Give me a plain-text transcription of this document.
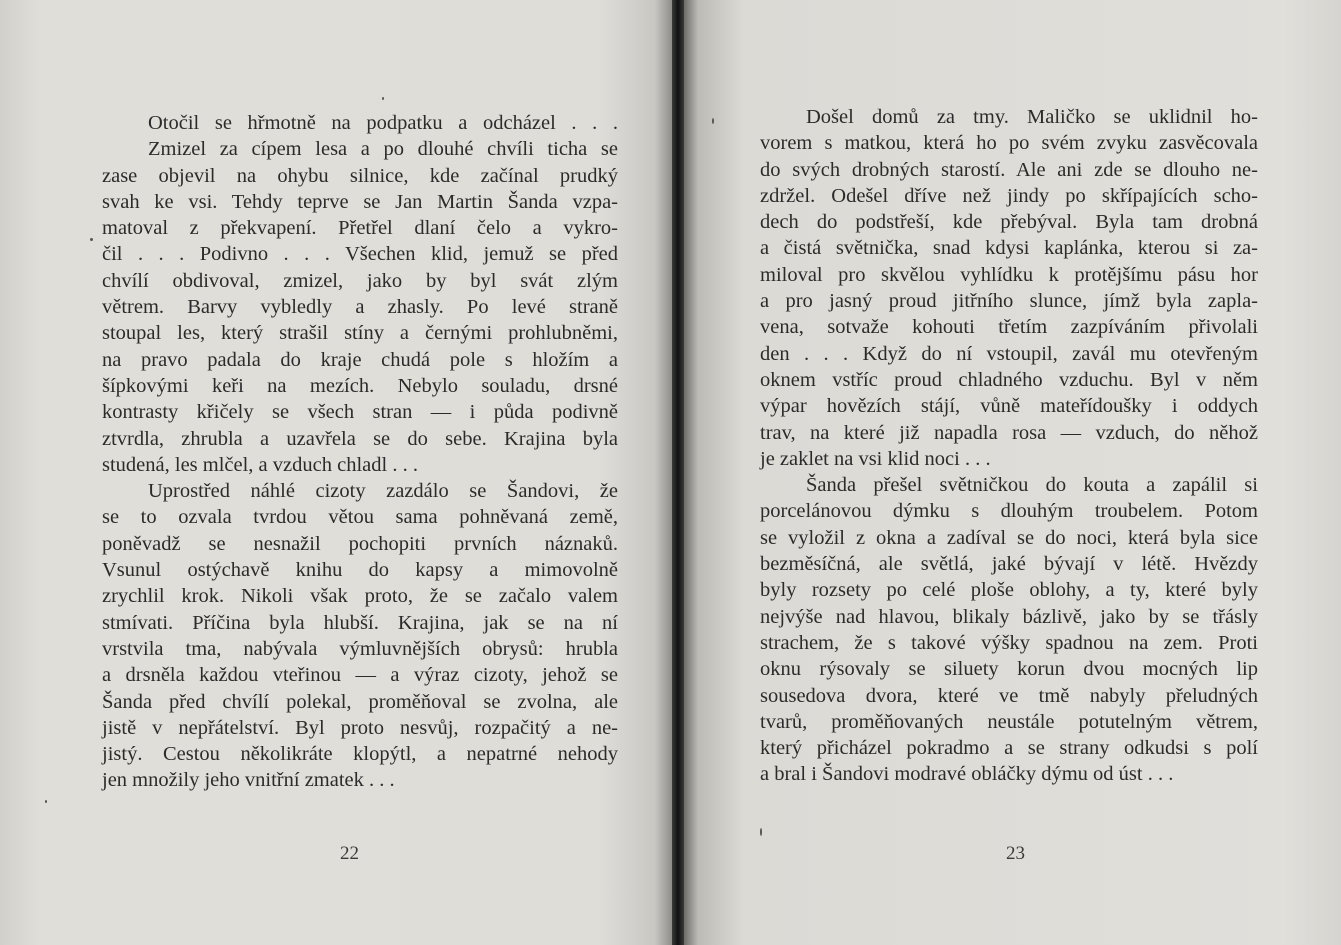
Otočil se hřmotně na podpatku a odcházel . . .
Zmizel za cípem lesa a po dlouhé chvíli ticha se
zase objevil na ohybu silnice, kde začínal prudký
svah ke vsi. Tehdy teprve se Jan Martin Šanda vzpa-
matoval z překvapení. Přetřel dlaní čelo a vykro-
čil . . . Podivno . . . Všechen klid, jemuž se před
chvílí obdivoval, zmizel, jako by byl svát zlým
větrem. Barvy vybledly a zhasly. Po levé straně
stoupal les, který strašil stíny a černými prohlubněmi,
na pravo padala do kraje chudá pole s hložím a
šípkovými keři na mezích. Nebylo souladu, drsné
kontrasty křičely se všech stran — i půda podivně
ztvrdla, zhrubla a uzavřela se do sebe. Krajina byla
studená, les mlčel, a vzduch chladl . . .
Uprostřed náhlé cizoty zazdálo se Šandovi, že
se to ozvala tvrdou větou sama pohněvaná země,
poněvadž se nesnažil pochopiti prvních náznaků.
Vsunul ostýchavě knihu do kapsy a mimovolně
zrychlil krok. Nikoli však proto, že se začalo valem
stmívati. Příčina byla hlubší. Krajina, jak se na ní
vrstvila tma, nabývala výmluvnějších obrysů: hrubla
a drsněla každou vteřinou — a výraz cizoty, jehož se
Šanda před chvílí polekal, proměňoval se zvolna, ale
jistě v nepřátelství. Byl proto nesvůj, rozpačitý a ne-
jistý. Cestou několikráte klopýtl, a nepatrné nehody
jen množily jeho vnitřní zmatek . . .
22
Došel domů za tmy. Maličko se uklidnil ho-
vorem s matkou, která ho po svém zvyku zasvěcovala
do svých drobných starostí. Ale ani zde se dlouho ne-
zdržel. Odešel dříve než jindy po skřípajících scho-
dech do podstřeší, kde přebýval. Byla tam drobná
a čistá světnička, snad kdysi kaplánka, kterou si za-
miloval pro skvělou vyhlídku k protějšímu pásu hor
a pro jasný proud jitřního slunce, jímž byla zapla-
vena, sotvaže kohouti třetím zazpíváním přivolali
den . . . Když do ní vstoupil, zavál mu otevřeným
oknem vstříc proud chladného vzduchu. Byl v něm
výpar hovězích stájí, vůně mateřídoušky i oddych
trav, na které již napadla rosa — vzduch, do něhož
je zaklet na vsi klid noci . . .
Šanda přešel světničkou do kouta a zapálil si
porcelánovou dýmku s dlouhým troubelem. Potom
se vyložil z okna a zadíval se do noci, která byla sice
bezměsíčná, ale světlá, jaké bývají v létě. Hvězdy
byly rozsety po celé ploše oblohy, a ty, které byly
nejvýše nad hlavou, blikaly bázlivě, jako by se třásly
strachem, že s takové výšky spadnou na zem. Proti
oknu rýsovaly se siluety korun dvou mocných lip
sousedova dvora, které ve tmě nabyly přeludných
tvarů, proměňovaných neustále potutelným větrem,
který přicházel pokradmo a se strany odkudsi s polí
a bral i Šandovi modravé obláčky dýmu od úst . . .
23
